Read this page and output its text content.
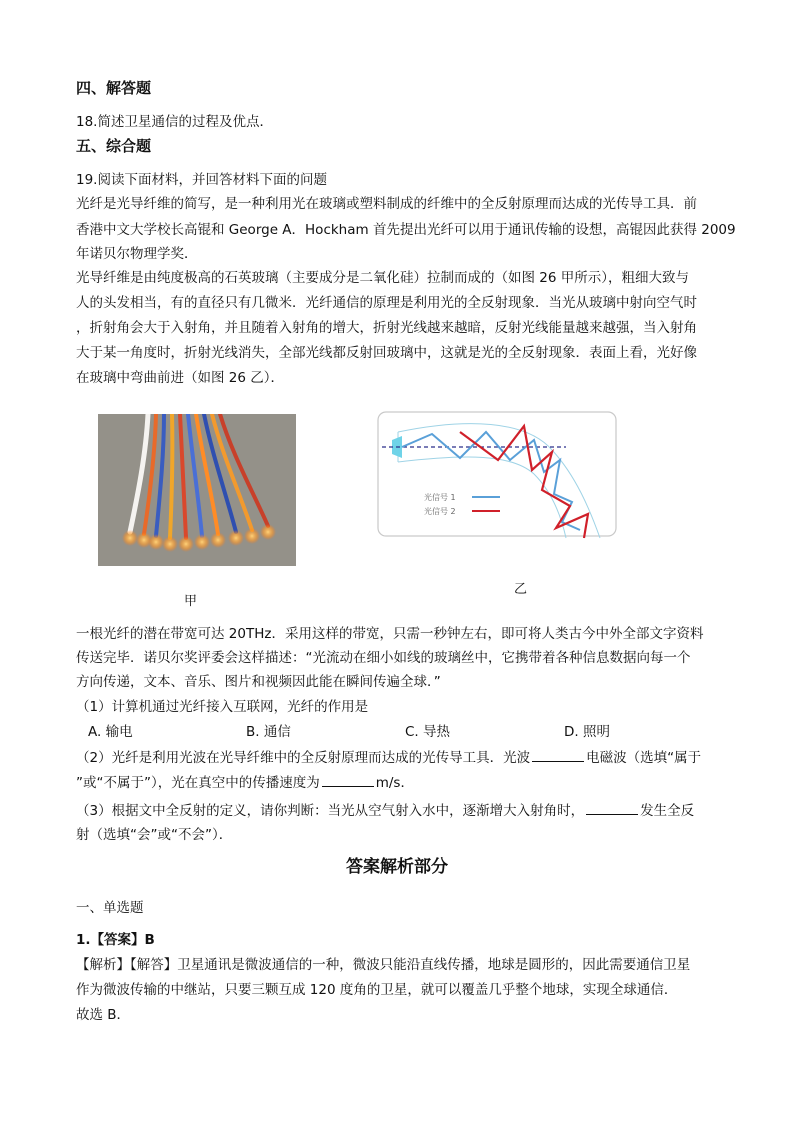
四、解答题
18.简述卫星通信的过程及优点．
五、综合题
19.阅读下面材料，并回答材料下面的问题
光纤是光导纤维的简写，是一种利用光在玻璃或塑料制成的纤维中的全反射原理而达成的光传导工具．前
香港中文大学校长高锟和 George A．Hockham 首先提出光纤可以用于通讯传输的设想，高锟因此获得 2009
年诺贝尔物理学奖．
光导纤维是由纯度极高的石英玻璃（主要成分是二氧化硅）拉制而成的（如图 26 甲所示），粗细大致与
人的头发相当，有的直径只有几微米．光纤通信的原理是利用光的全反射现象．当光从玻璃中射向空气时
，折射角会大于入射角，并且随着入射角的增大，折射光线越来越暗，反射光线能量越来越强，当入射角
大于某一角度时，折射光线消失，全部光线都反射回玻璃中，这就是光的全反射现象．表面上看，光好像
在玻璃中弯曲前进（如图 26 乙）．
甲
光信号 1
光信号 2
乙
一根光纤的潜在带宽可达 20THz．采用这样的带宽，只需一秒钟左右，即可将人类古今中外全部文字资料
传送完毕．诺贝尔奖评委会这样描述：“光流动在细小如线的玻璃丝中，它携带着各种信息数据向每一个
方向传递，文本、音乐、图片和视频因此能在瞬间传遍全球．”
（1）计算机通过光纤接入互联网，光纤的作用是
A. 输电	B. 通信	C. 导热	D. 照明
（2）光纤是利用光波在光导纤维中的全反射原理而达成的光传导工具．光波	电磁波（选填“属于
”或“不属于”），光在真空中的传播速度为	m/s．
（3）根据文中全反射的定义，请你判断：当光从空气射入水中，逐渐增大入射角时，	发生全反
射（选填“会”或“不会”）．
答案解析部分
一、单选题
1.【答案】B
【解析】【解答】卫星通讯是微波通信的一种，微波只能沿直线传播，地球是圆形的，因此需要通信卫星
作为微波传输的中继站，只要三颗互成 120 度角的卫星，就可以覆盖几乎整个地球，实现全球通信．
故选 B．
